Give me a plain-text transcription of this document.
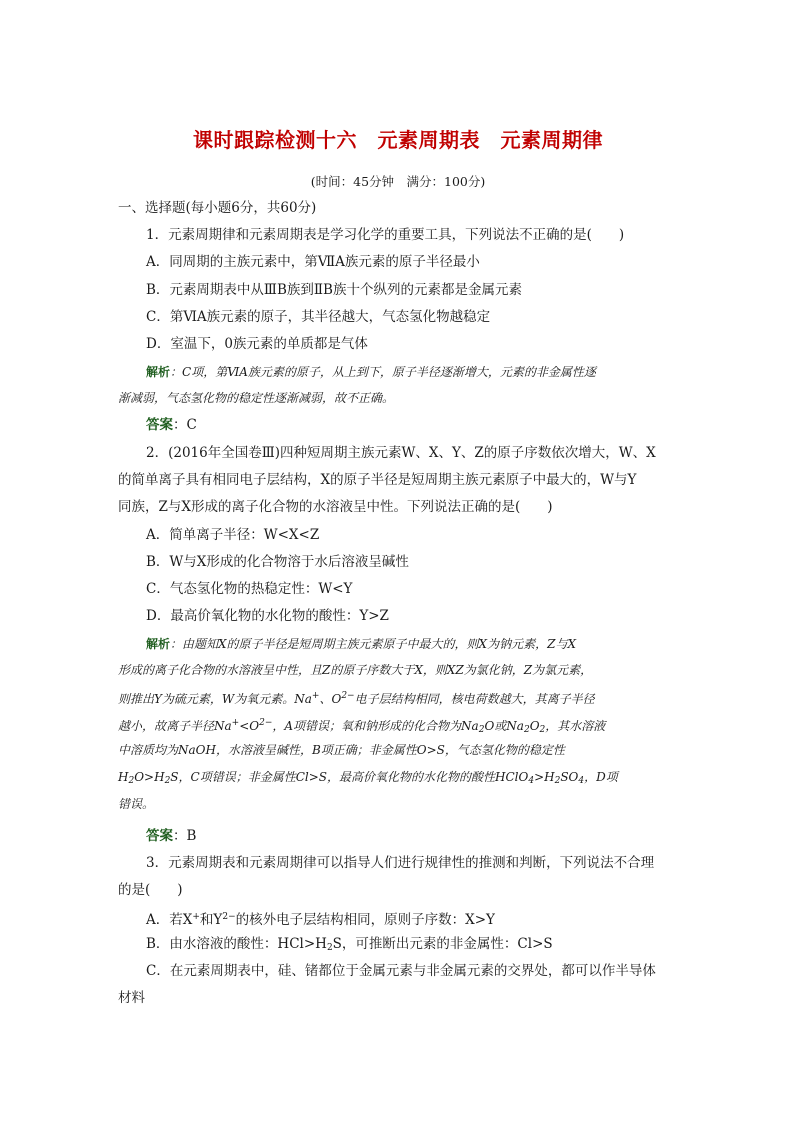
课时跟踪检测十六　元素周期表　元素周期律
(时间：45分钟　满分：100分)
一、选择题(每小题6分，共60分)
1．元素周期律和元素周期表是学习化学的重要工具，下列说法不正确的是(　　)
A．同周期的主族元素中，第ⅦA族元素的原子半径最小
B．元素周期表中从ⅢB族到ⅡB族十个纵列的元素都是金属元素
C．第ⅥA族元素的原子，其半径越大，气态氢化物越稳定
D．室温下，0族元素的单质都是气体
解析：C项，第ⅥA族元素的原子，从上到下，原子半径逐渐增大，元素的非金属性逐
渐减弱，气态氢化物的稳定性逐渐减弱，故不正确。
答案：C
2．(2016年全国卷Ⅲ)四种短周期主族元素W、X、Y、Z的原子序数依次增大，W、X
的简单离子具有相同电子层结构，X的原子半径是短周期主族元素原子中最大的，W与Y
同族，Z与X形成的离子化合物的水溶液呈中性。下列说法正确的是(　　)
A．简单离子半径：W<X<Z
B．W与X形成的化合物溶于水后溶液呈碱性
C．气态氢化物的热稳定性：W<Y
D．最高价氧化物的水化物的酸性：Y>Z
解析：由题知X的原子半径是短周期主族元素原子中最大的，则X为钠元素，Z与X
形成的离子化合物的水溶液呈中性，且Z的原子序数大于X，则XZ为氯化钠，Z为氯元素，
则推出Y为硫元素，W为氧元素。Na+、$O^{2-}$电子层结构相同，核电荷数越大，其离子半径
越小，故离子半径$Na^+<O^{2-}$，A项错误；氧和钠形成的化合物为$Na_2O$或$Na_2O_2$，其水溶液
中溶质均为NaOH，水溶液呈碱性，B项正确；非金属性O>S，气态氢化物的稳定性
$H_2O>H_2S$，C项错误；非金属性Cl>S，最高价氧化物的水化物的酸性$HClO_4>H_2SO_4$，D项
错误。
答案：B
3．元素周期表和元素周期律可以指导人们进行规律性的推测和判断，下列说法不合理
的是(　　)
A．若X+和$Y^{2-}$的核外电子层结构相同，原则子序数：X>Y
B．由水溶液的酸性：$HCl>H_2S$，可推断出元素的非金属性：Cl>S
C．在元素周期表中，硅、锗都位于金属元素与非金属元素的交界处，都可以作半导体
材料
